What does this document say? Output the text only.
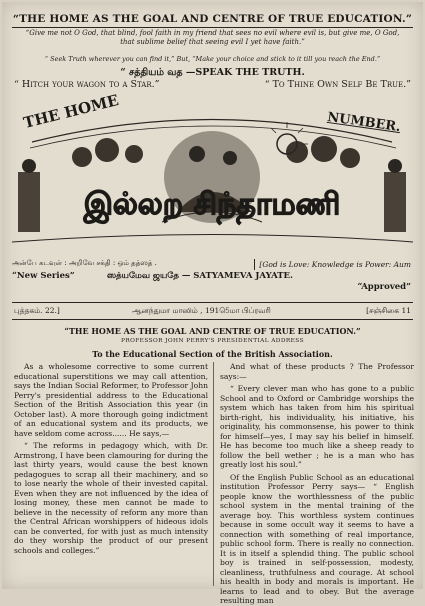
“THE HOME AS THE GOAL AND CENTRE OF TRUE EDUCATION.”
“Give me not O God, that blind, fool faith in my friend that sees no evil where evil is, but give me, O God,
that sublime belief that seeing evil I yet have faith.”
“ Seek Truth wherever you can find it,” But, “Make your choice and stick to it till you reach the End.”
“ சத்தியம் வத —SPEAK THE TRUTH.
“ Hitch your wagon to a Star.”	“ To Thine Own Self Be True.”
இல்லற சிந்தாமணி
THE HOME	NUMBER.
அன்பே கடவுள் : அறிவே சக்தி : ஒம் தத்ஸத் .	[God is Love: Knowledge is Power: Aum
“New Series”	ஸத்யமேவ ஜயதே — SATYAMEVA JAYATE.
“Approved”
புத்தகம். 22.]	ஆனந்துமா மாஸிம் , 1915ெமா பிப்ரவரி	[சஞ்சிகை 11
“THE HOME AS THE GOAL AND CENTRE OF TRUE EDUCATION.”
PROFESSOR JOHN PERRY'S PRESIDENTIAL ADDRESS
To the Educational Section of the British Association.

As a wholesome corrective to some current educational superstitions we may call attention, says the Indian Social Reformer, to Professor John Perry's presidential address to the Educational Section of the British Association this year (in October last). A more thorough going indictment of an educational system and its products, we have seldom come across...... He says,—

“ The reforms in pedagogy which, with Dr. Armstrong, I have been clamouring for during the last thirty years, would cause the best known pedagogues to scrap all their machinery, and so to lose nearly the whole of their invested capital. Even when they are not influenced by the idea of losing money, these men cannot be made to believe in the necessity of reform any more than the Central African worshippers of hideous idols can be converted, for with just as much intensity do they worship the product of our present schools and colleges.”

And what of these products ? The Professor says:—

“ Every clever man who has gone to a public School and to Oxford or Cambridge worships the system which has taken from him his spiritual birth-right, his individuality, his initiative, his originality, his commonsense, his power to think for himself—yes, I may say his belief in himself. He has become too much like a sheep ready to follow the bell wether ; he is a man who has greatly lost his soul.”

Of the English Public School as an educational institution Professor Perry says— “ English people know the worthlessness of the public school system in the mental training of the average boy. This worthless system continues because in some occult way it seems to have a connection with something of real importance, public school form. There is really no connection. It is in itself a splendid thing. The public school boy is trained in self-possession, modesty, cleanliness, truthfulness and courage. At school his health in body and morals is important. He learns to lead and to obey. But the average resulting man
